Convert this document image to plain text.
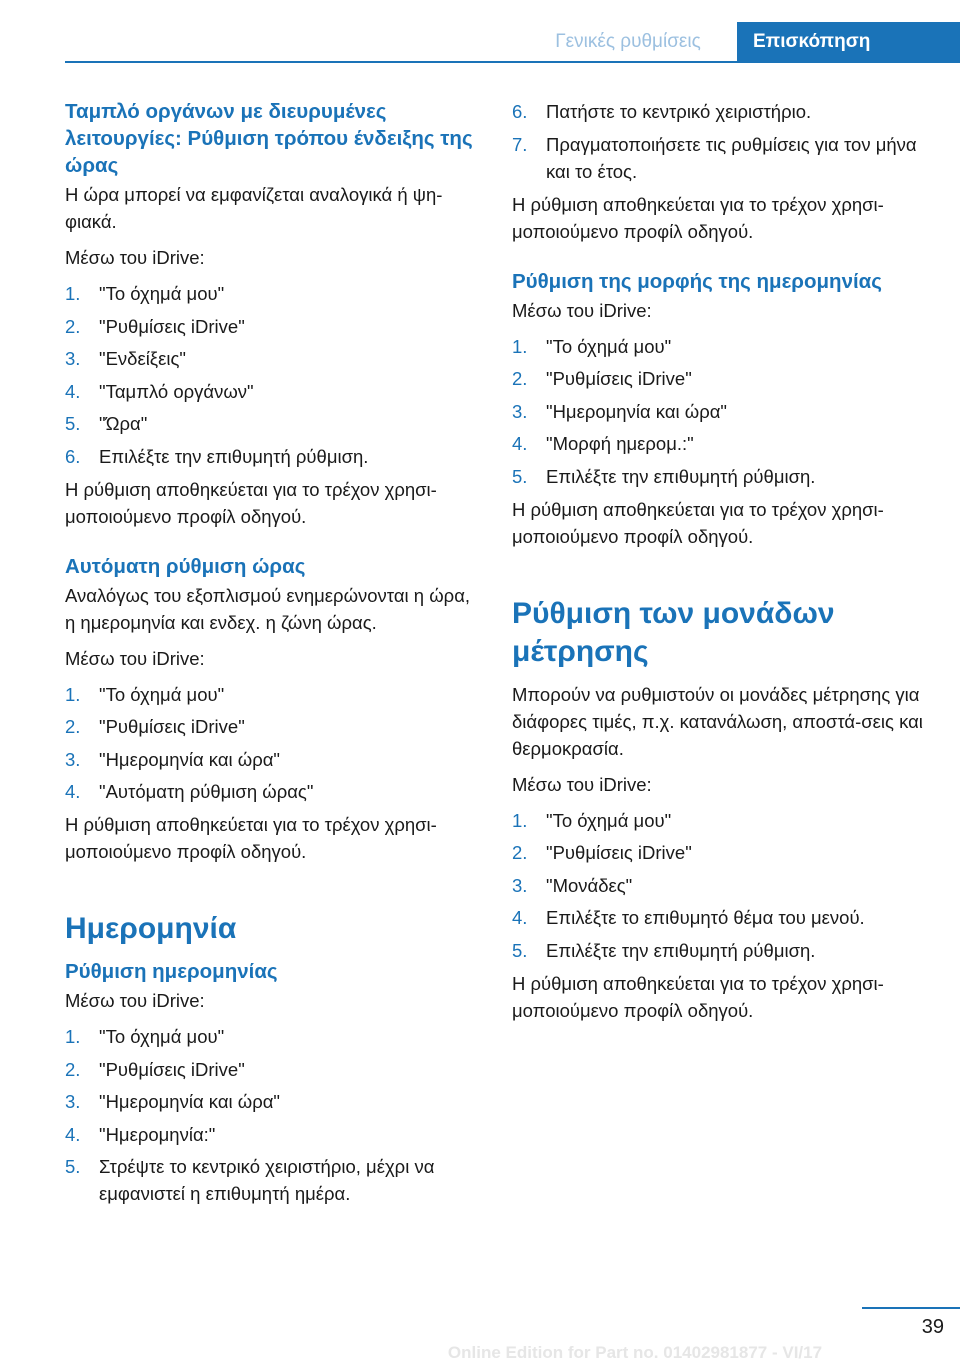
Γενικές ρυθμίσεις	Επισκόπηση
Ταμπλό οργάνων με διευρυμένες λειτουργίες: Ρύθμιση τρόπου ένδειξης της ώρας
Η ώρα μπορεί να εμφανίζεται αναλογικά ή ψη-φιακά.
Μέσω του iDrive:
1.	"Το όχημά μου"
2.	"Ρυθμίσεις iDrive"
3.	"Ενδείξεις"
4.	"Ταμπλό οργάνων"
5.	"Ώρα"
6.	Επιλέξτε την επιθυμητή ρύθμιση.
Η ρύθμιση αποθηκεύεται για το τρέχον χρησι-μοποιούμενο προφίλ οδηγού.
Αυτόματη ρύθμιση ώρας
Αναλόγως του εξοπλισμού ενημερώνονται η ώρα, η ημερομηνία και ενδεχ. η ζώνη ώρας.
Μέσω του iDrive:
1.	"Το όχημά μου"
2.	"Ρυθμίσεις iDrive"
3.	"Ημερομηνία και ώρα"
4.	"Αυτόματη ρύθμιση ώρας"
Η ρύθμιση αποθηκεύεται για το τρέχον χρησι-μοποιούμενο προφίλ οδηγού.
Ημερομηνία
Ρύθμιση ημερομηνίας
Μέσω του iDrive:
1.	"Το όχημά μου"
2.	"Ρυθμίσεις iDrive"
3.	"Ημερομηνία και ώρα"
4.	"Ημερομηνία:"
5.	Στρέψτε το κεντρικό χειριστήριο, μέχρι να εμφανιστεί η επιθυμητή ημέρα.
6.	Πατήστε το κεντρικό χειριστήριο.
7.	Πραγματοποιήσετε τις ρυθμίσεις για τον μήνα και το έτος.
Η ρύθμιση αποθηκεύεται για το τρέχον χρησι-μοποιούμενο προφίλ οδηγού.
Ρύθμιση της μορφής της ημερομηνίας
Μέσω του iDrive:
1.	"Το όχημά μου"
2.	"Ρυθμίσεις iDrive"
3.	"Ημερομηνία και ώρα"
4.	"Μορφή ημερομ.:"
5.	Επιλέξτε την επιθυμητή ρύθμιση.
Η ρύθμιση αποθηκεύεται για το τρέχον χρησι-μοποιούμενο προφίλ οδηγού.
Ρύθμιση των μονάδων μέτρησης
Μπορούν να ρυθμιστούν οι μονάδες μέτρησης για διάφορες τιμές, π.χ. κατανάλωση, αποστά-σεις και θερμοκρασία.
Μέσω του iDrive:
1.	"Το όχημά μου"
2.	"Ρυθμίσεις iDrive"
3.	"Μονάδες"
4.	Επιλέξτε το επιθυμητό θέμα του μενού.
5.	Επιλέξτε την επιθυμητή ρύθμιση.
Η ρύθμιση αποθηκεύεται για το τρέχον χρησι-μοποιούμενο προφίλ οδηγού.
39
Online Edition for Part no. 01402981877 - VI/17
